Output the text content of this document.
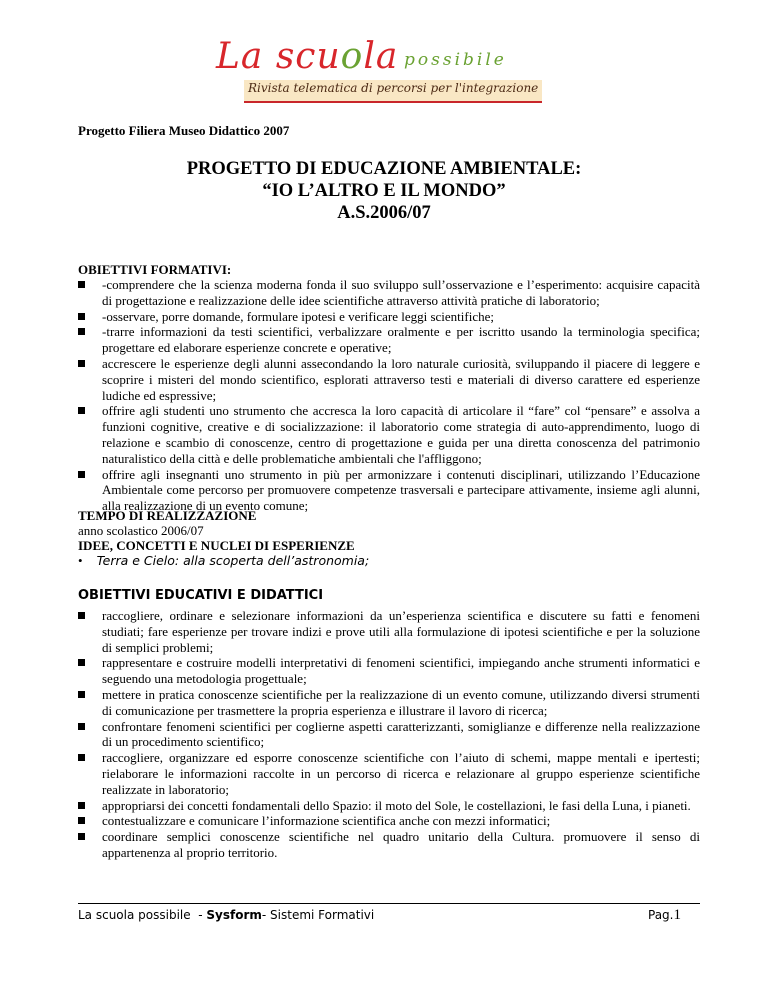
La scuola possibile
Rivista telematica di percorsi per l'integrazione
Progetto Filiera Museo Didattico 2007
PROGETTO DI EDUCAZIONE AMBIENTALE:
“IO L’ALTRO E IL MONDO”
A.S.2006/07
OBIETTIVI FORMATIVI:
-comprendere che la scienza moderna fonda il suo sviluppo sull’osservazione e l’esperimento: acquisire capacità di progettazione e realizzazione delle idee scientifiche attraverso attività pratiche di laboratorio;
-osservare, porre domande, formulare ipotesi e verificare leggi scientifiche;
-trarre informazioni da testi scientifici, verbalizzare oralmente e per iscritto usando la terminologia specifica; progettare ed elaborare esperienze concrete e operative;
accrescere le esperienze degli alunni assecondando la loro naturale curiosità, sviluppando il piacere di leggere e scoprire i misteri del mondo scientifico, esplorati attraverso testi e materiali di diverso carattere ed esperienze ludiche ed espressive;
offrire agli studenti uno strumento che accresca la loro capacità di articolare il “fare” col “pensare” e assolva a funzioni cognitive, creative e di socializzazione: il laboratorio come strategia di auto-apprendimento, luogo di relazione e scambio di conoscenze, centro di progettazione e guida per una diretta conoscenza del patrimonio naturalistico della città e delle problematiche ambientali che l'affliggono;
offrire agli insegnanti uno strumento in più per armonizzare i contenuti disciplinari, utilizzando l’Educazione Ambientale come percorso per promuovere competenze trasversali e partecipare attivamente, insieme agli alunni, alla realizzazione di un evento comune;
TEMPO DI REALIZZAZIONE
anno scolastico 2006/07
IDEE, CONCETTI E NUCLEI DI ESPERIENZE
• Terra e Cielo: alla scoperta dell’astronomia;
OBIETTIVI EDUCATIVI E DIDATTICI
raccogliere, ordinare e selezionare informazioni da un’esperienza scientifica e discutere su fatti e fenomeni studiati; fare esperienze per trovare indizi e prove utili alla formulazione di ipotesi scientifiche e per la soluzione di semplici problemi;
rappresentare e costruire modelli interpretativi di fenomeni scientifici, impiegando anche strumenti informatici e seguendo una metodologia progettuale;
mettere in pratica conoscenze scientifiche per la realizzazione di un evento comune, utilizzando diversi strumenti di comunicazione per trasmettere la propria esperienza e illustrare il lavoro di ricerca;
confrontare fenomeni scientifici per coglierne aspetti caratterizzanti, somiglianze e differenze nella realizzazione di un procedimento scientifico;
raccogliere, organizzare ed esporre conoscenze scientifiche con l’aiuto di schemi, mappe mentali e ipertesti; rielaborare le informazioni raccolte in un percorso di ricerca e relazionare al gruppo esperienze scientifiche realizzate in laboratorio;
appropriarsi dei concetti fondamentali dello Spazio: il moto del Sole, le costellazioni, le fasi della Luna, i pianeti.
contestualizzare e comunicare l’informazione scientifica anche con mezzi informatici;
coordinare semplici conoscenze scientifiche nel quadro unitario della Cultura. promuovere il senso di appartenenza al proprio territorio.
La scuola possibile  - Sysform- Sistemi Formativi	Pag.1
